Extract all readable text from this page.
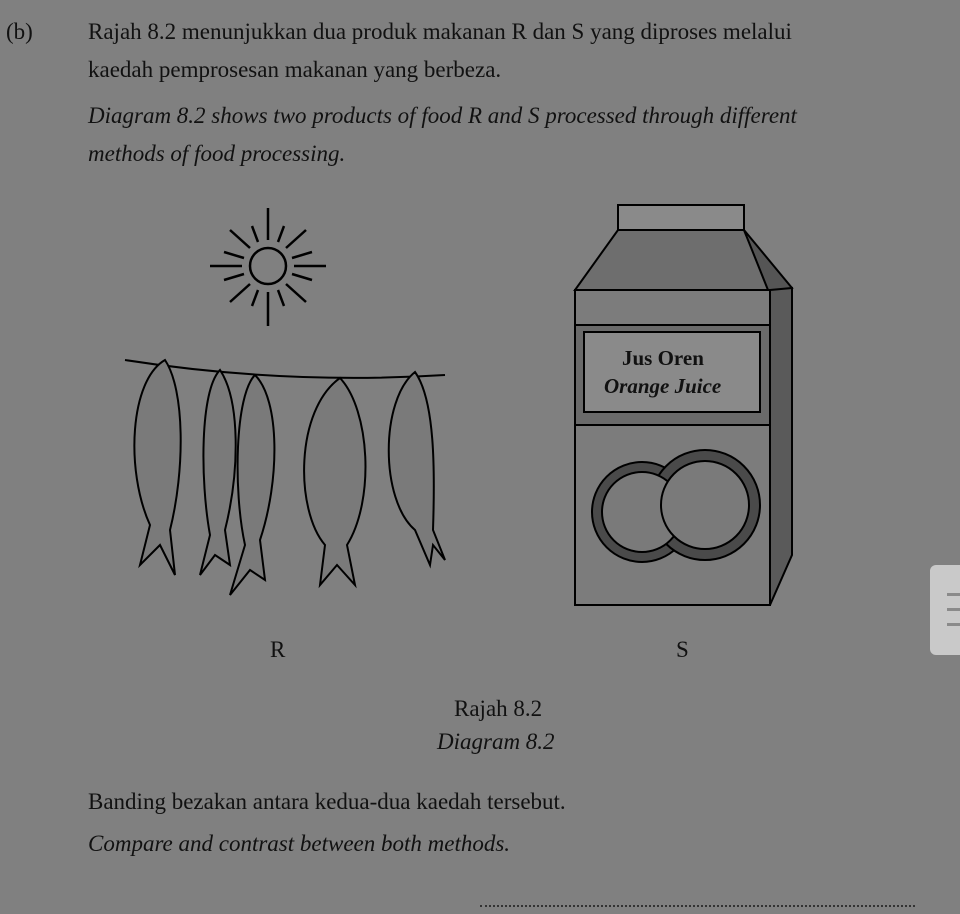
(b) Rajah 8.2 menunjukkan dua produk makanan R dan S yang diproses melalui
kaedah pemprosesan makanan yang berbeza.
Diagram 8.2 shows two products of food R and S processed through different
methods of food processing.
Jus Oren
Orange Juice
R	S
Rajah 8.2
Diagram 8.2
Banding bezakan antara kedua-dua kaedah tersebut.
Compare and contrast between both methods.
